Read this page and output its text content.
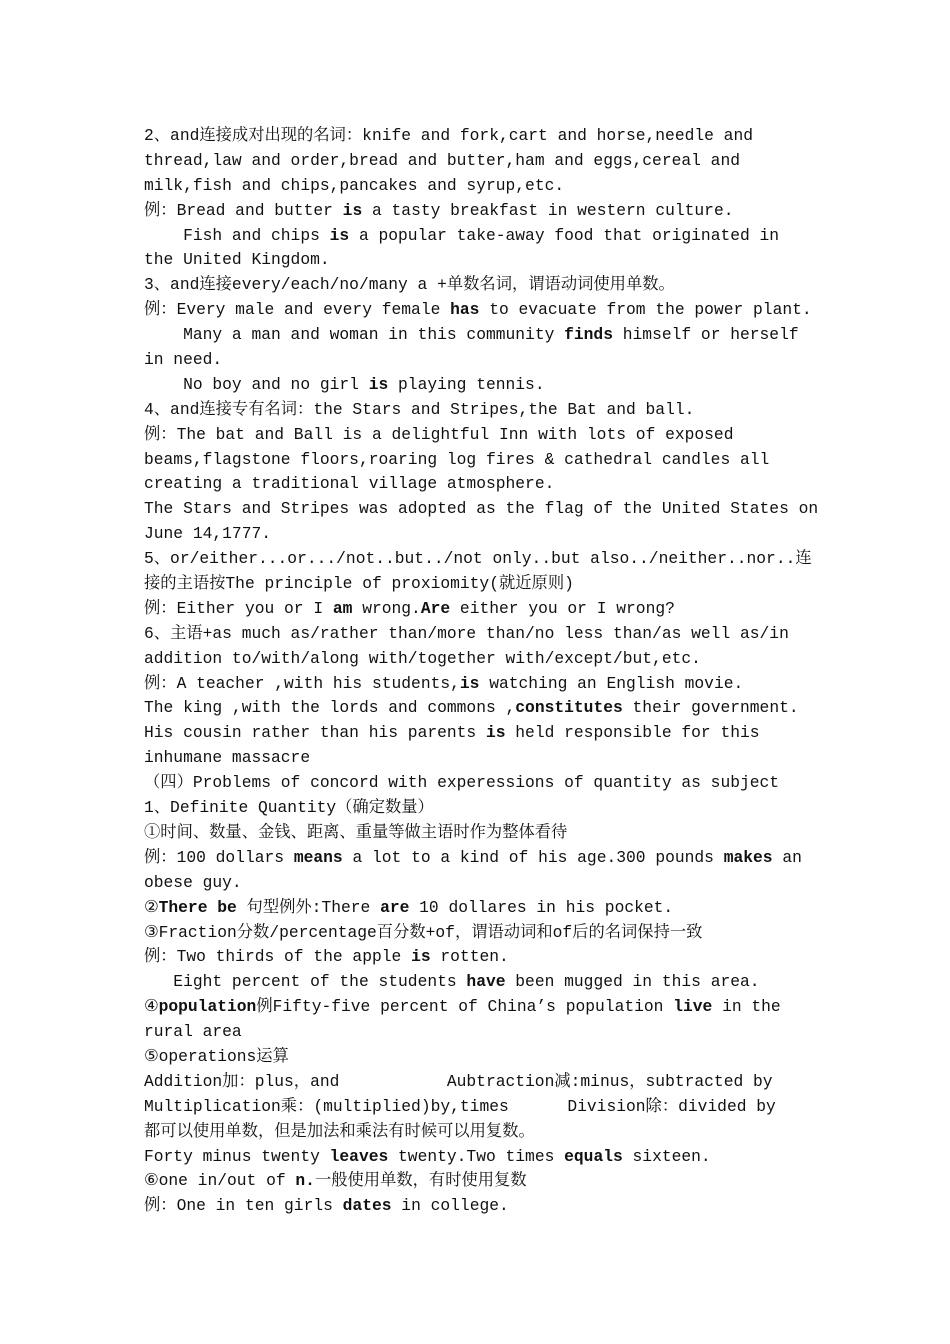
2、and连接成对出现的名词：knife and fork,cart and horse,needle and
thread,law and order,bread and butter,ham and eggs,cereal and
milk,fish and chips,pancakes and syrup,etc.
例：Bread and butter is a tasty breakfast in western culture.
Fish and chips is a popular take-away food that originated in
the United Kingdom.
3、and连接every/each/no/many a +单数名词，谓语动词使用单数。
例：Every male and every female has to evacuate from the power plant.
Many a man and woman in this community finds himself or herself
in need.
No boy and no girl is playing tennis.
4、and连接专有名词：the Stars and Stripes,the Bat and ball.
例：The bat and Ball is a delightful Inn with lots of exposed
beams,flagstone floors,roaring log fires & cathedral candles all
creating a traditional village atmosphere.
The Stars and Stripes was adopted as the flag of the United States on
June 14,1777.
5、or/either...or.../not..but../not only..but also../neither..nor..连
接的主语按The principle of proxiomity(就近原则)
例：Either you or I am wrong.Are either you or I wrong?
6、主语+as much as/rather than/more than/no less than/as well as/in
addition to/with/along with/together with/except/but,etc.
例：A teacher ,with his students,is watching an English movie.
The king ,with the lords and commons ,constitutes their government.
His cousin rather than his parents is held responsible for this
inhumane massacre
（四）Problems of concord with experessions of quantity as subject
1、Definite Quantity（确定数量）
①时间、数量、金钱、距离、重量等做主语时作为整体看待
例：100 dollars means a lot to a kind of his age.300 pounds makes an
obese guy.
②There be 句型例外:There are 10 dollares in his pocket.
③Fraction分数/percentage百分数+of，谓语动词和of后的名词保持一致
例：Two thirds of the apple is rotten.
Eight percent of the students have been mugged in this area.
④population例Fifty-five percent of China’s population live in the
rural area
⑤operations运算
Addition加：plus，and           Aubtraction减:minus，subtracted by
Multiplication乘：(multiplied)by,times      Division除：divided by
都可以使用单数，但是加法和乘法有时候可以用复数。
Forty minus twenty leaves twenty.Two times equals sixteen.
⑥one in/out of n.一般使用单数，有时使用复数
例：One in ten girls dates in college.
